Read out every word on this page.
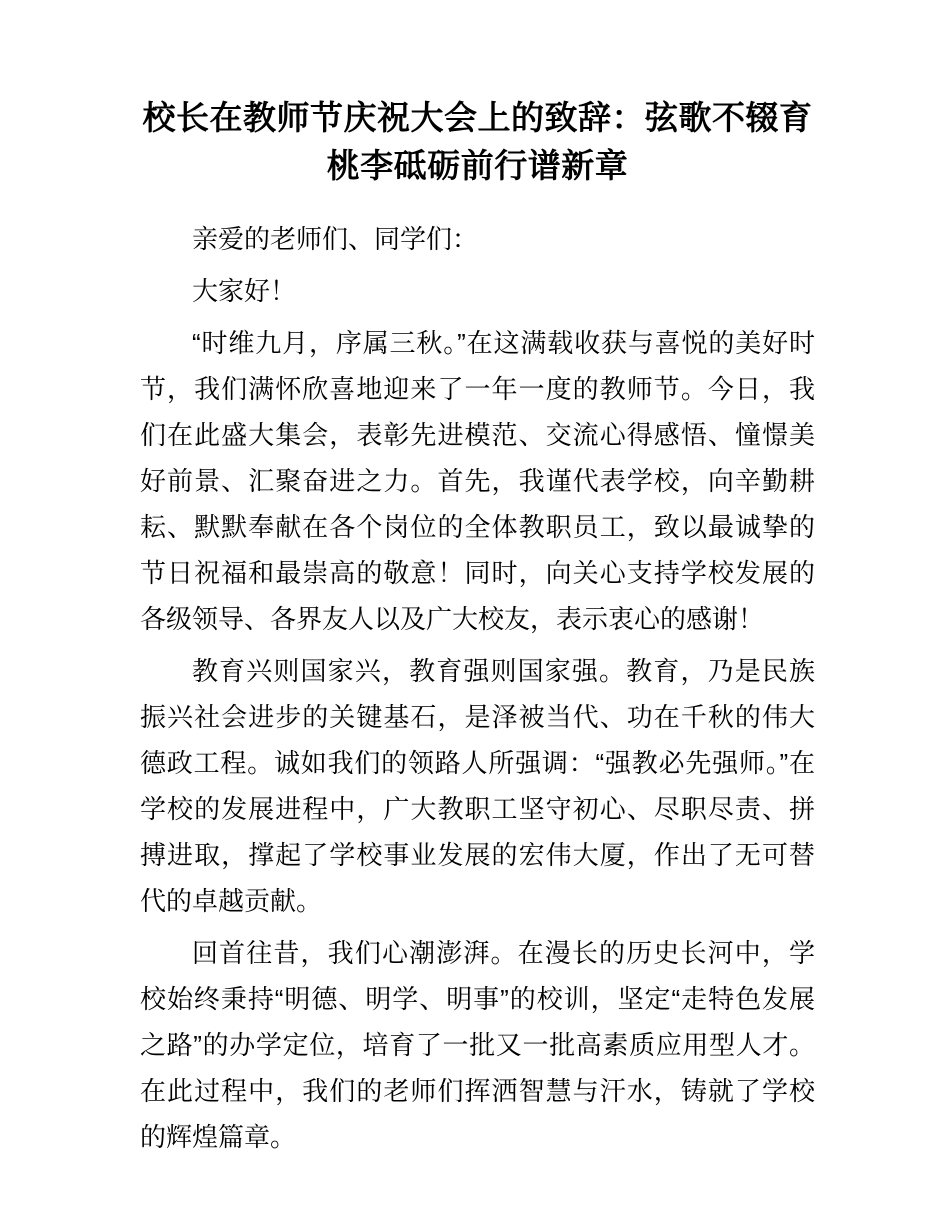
校长在教师节庆祝大会上的致辞：弦歌不辍育
桃李砥砺前行谱新章

亲爱的老师们、同学们：

大家好！

“时维九月，序属三秋。”在这满载收获与喜悦的美好时节，我们满怀欣喜地迎来了一年一度的教师节。今日，我们在此盛大集会，表彰先进模范、交流心得感悟、憧憬美好前景、汇聚奋进之力。首先，我谨代表学校，向辛勤耕耘、默默奉献在各个岗位的全体教职员工，致以最诚挚的节日祝福和最崇高的敬意！同时，向关心支持学校发展的各级领导、各界友人以及广大校友，表示衷心的感谢！

教育兴则国家兴，教育强则国家强。教育，乃是民族振兴社会进步的关键基石，是泽被当代、功在千秋的伟大德政工程。诚如我们的领路人所强调：“强教必先强师。”在学校的发展进程中，广大教职工坚守初心、尽职尽责、拼搏进取，撑起了学校事业发展的宏伟大厦，作出了无可替代的卓越贡献。

回首往昔，我们心潮澎湃。在漫长的历史长河中，学校始终秉持“明德、明学、明事”的校训，坚定“走特色发展之路”的办学定位，培育了一批又一批高素质应用型人才。在此过程中，我们的老师们挥洒智慧与汗水，铸就了学校的辉煌篇章。
